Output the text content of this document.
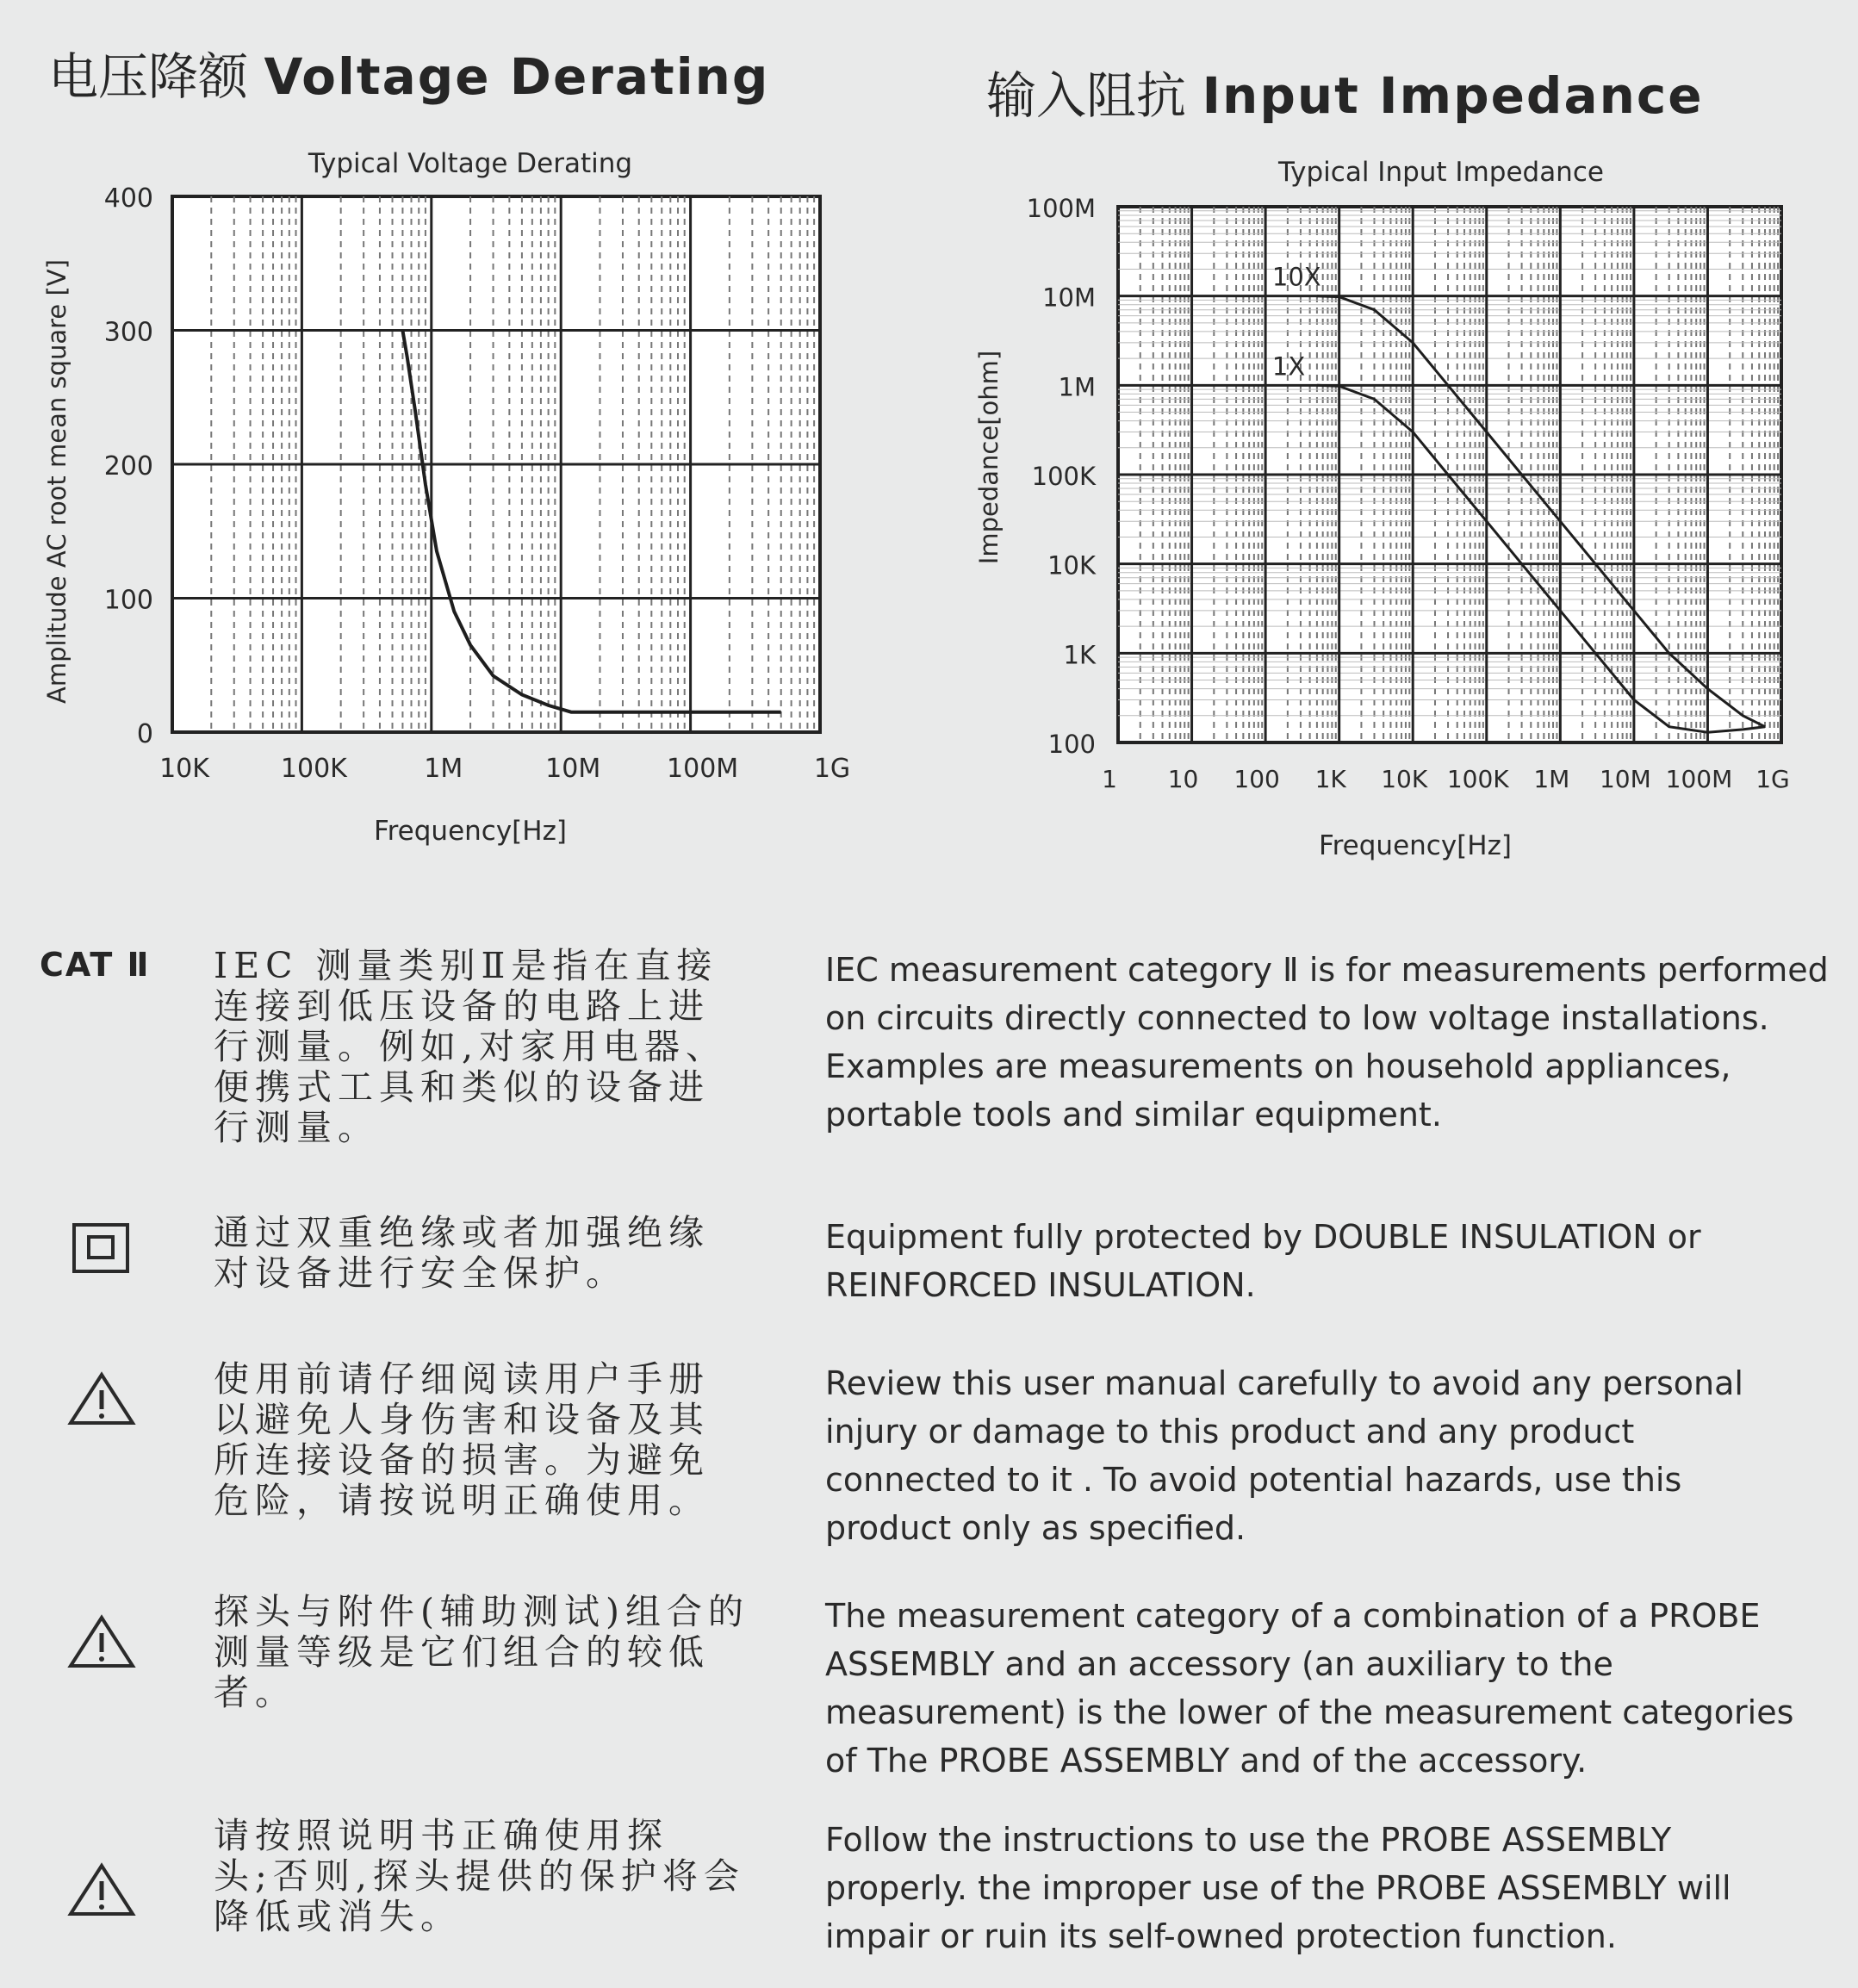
电压降额 Voltage Derating	输入阻抗 Input Impedance
0
100
200
300
400
10K	100K	1M	10M	100M	1G
Typical Voltage Derating
Frequency[Hz]
Amplitude AC root mean square [V]
100
1K
10K
100K
1M
10M
100M
1 10 100 1K 10K 100K 1M 10M 100M 1G
10X
1X
Typical Input Impedance
Frequency[Hz]
Impedance[ohm]
CAT Ⅱ IEC 测量类别Ⅱ是指在直接
连接到低压设备的电路上进
行测量。例如,对家用电器、
便携式工具和类似的设备进
行测量。
IEC measurement category Ⅱ is for measurements performed
on circuits directly connected to low voltage installations.
Examples are measurements on household appliances,
portable tools and similar equipment.
通过双重绝缘或者加强绝缘
对设备进行安全保护。
Equipment fully protected by DOUBLE INSULATION or
REINFORCED INSULATION.
使用前请仔细阅读用户手册
以避免人身伤害和设备及其
所连接设备的损害。为避免
危险，请按说明正确使用。
Review this user manual carefully to avoid any personal
injury or damage to this product and any product
connected to it . To avoid potential hazards, use this
product only as specified.
探头与附件(辅助测试)组合的
测量等级是它们组合的较低
者。
The measurement category of a combination of a PROBE
ASSEMBLY and an accessory (an auxiliary to the
measurement) is the lower of the measurement categories
of The PROBE ASSEMBLY and of the accessory.
请按照说明书正确使用探
头;否则,探头提供的保护将会
降低或消失。
Follow the instructions to use the PROBE ASSEMBLY
properly. the improper use of the PROBE ASSEMBLY will
impair or ruin its self-owned protection function.
